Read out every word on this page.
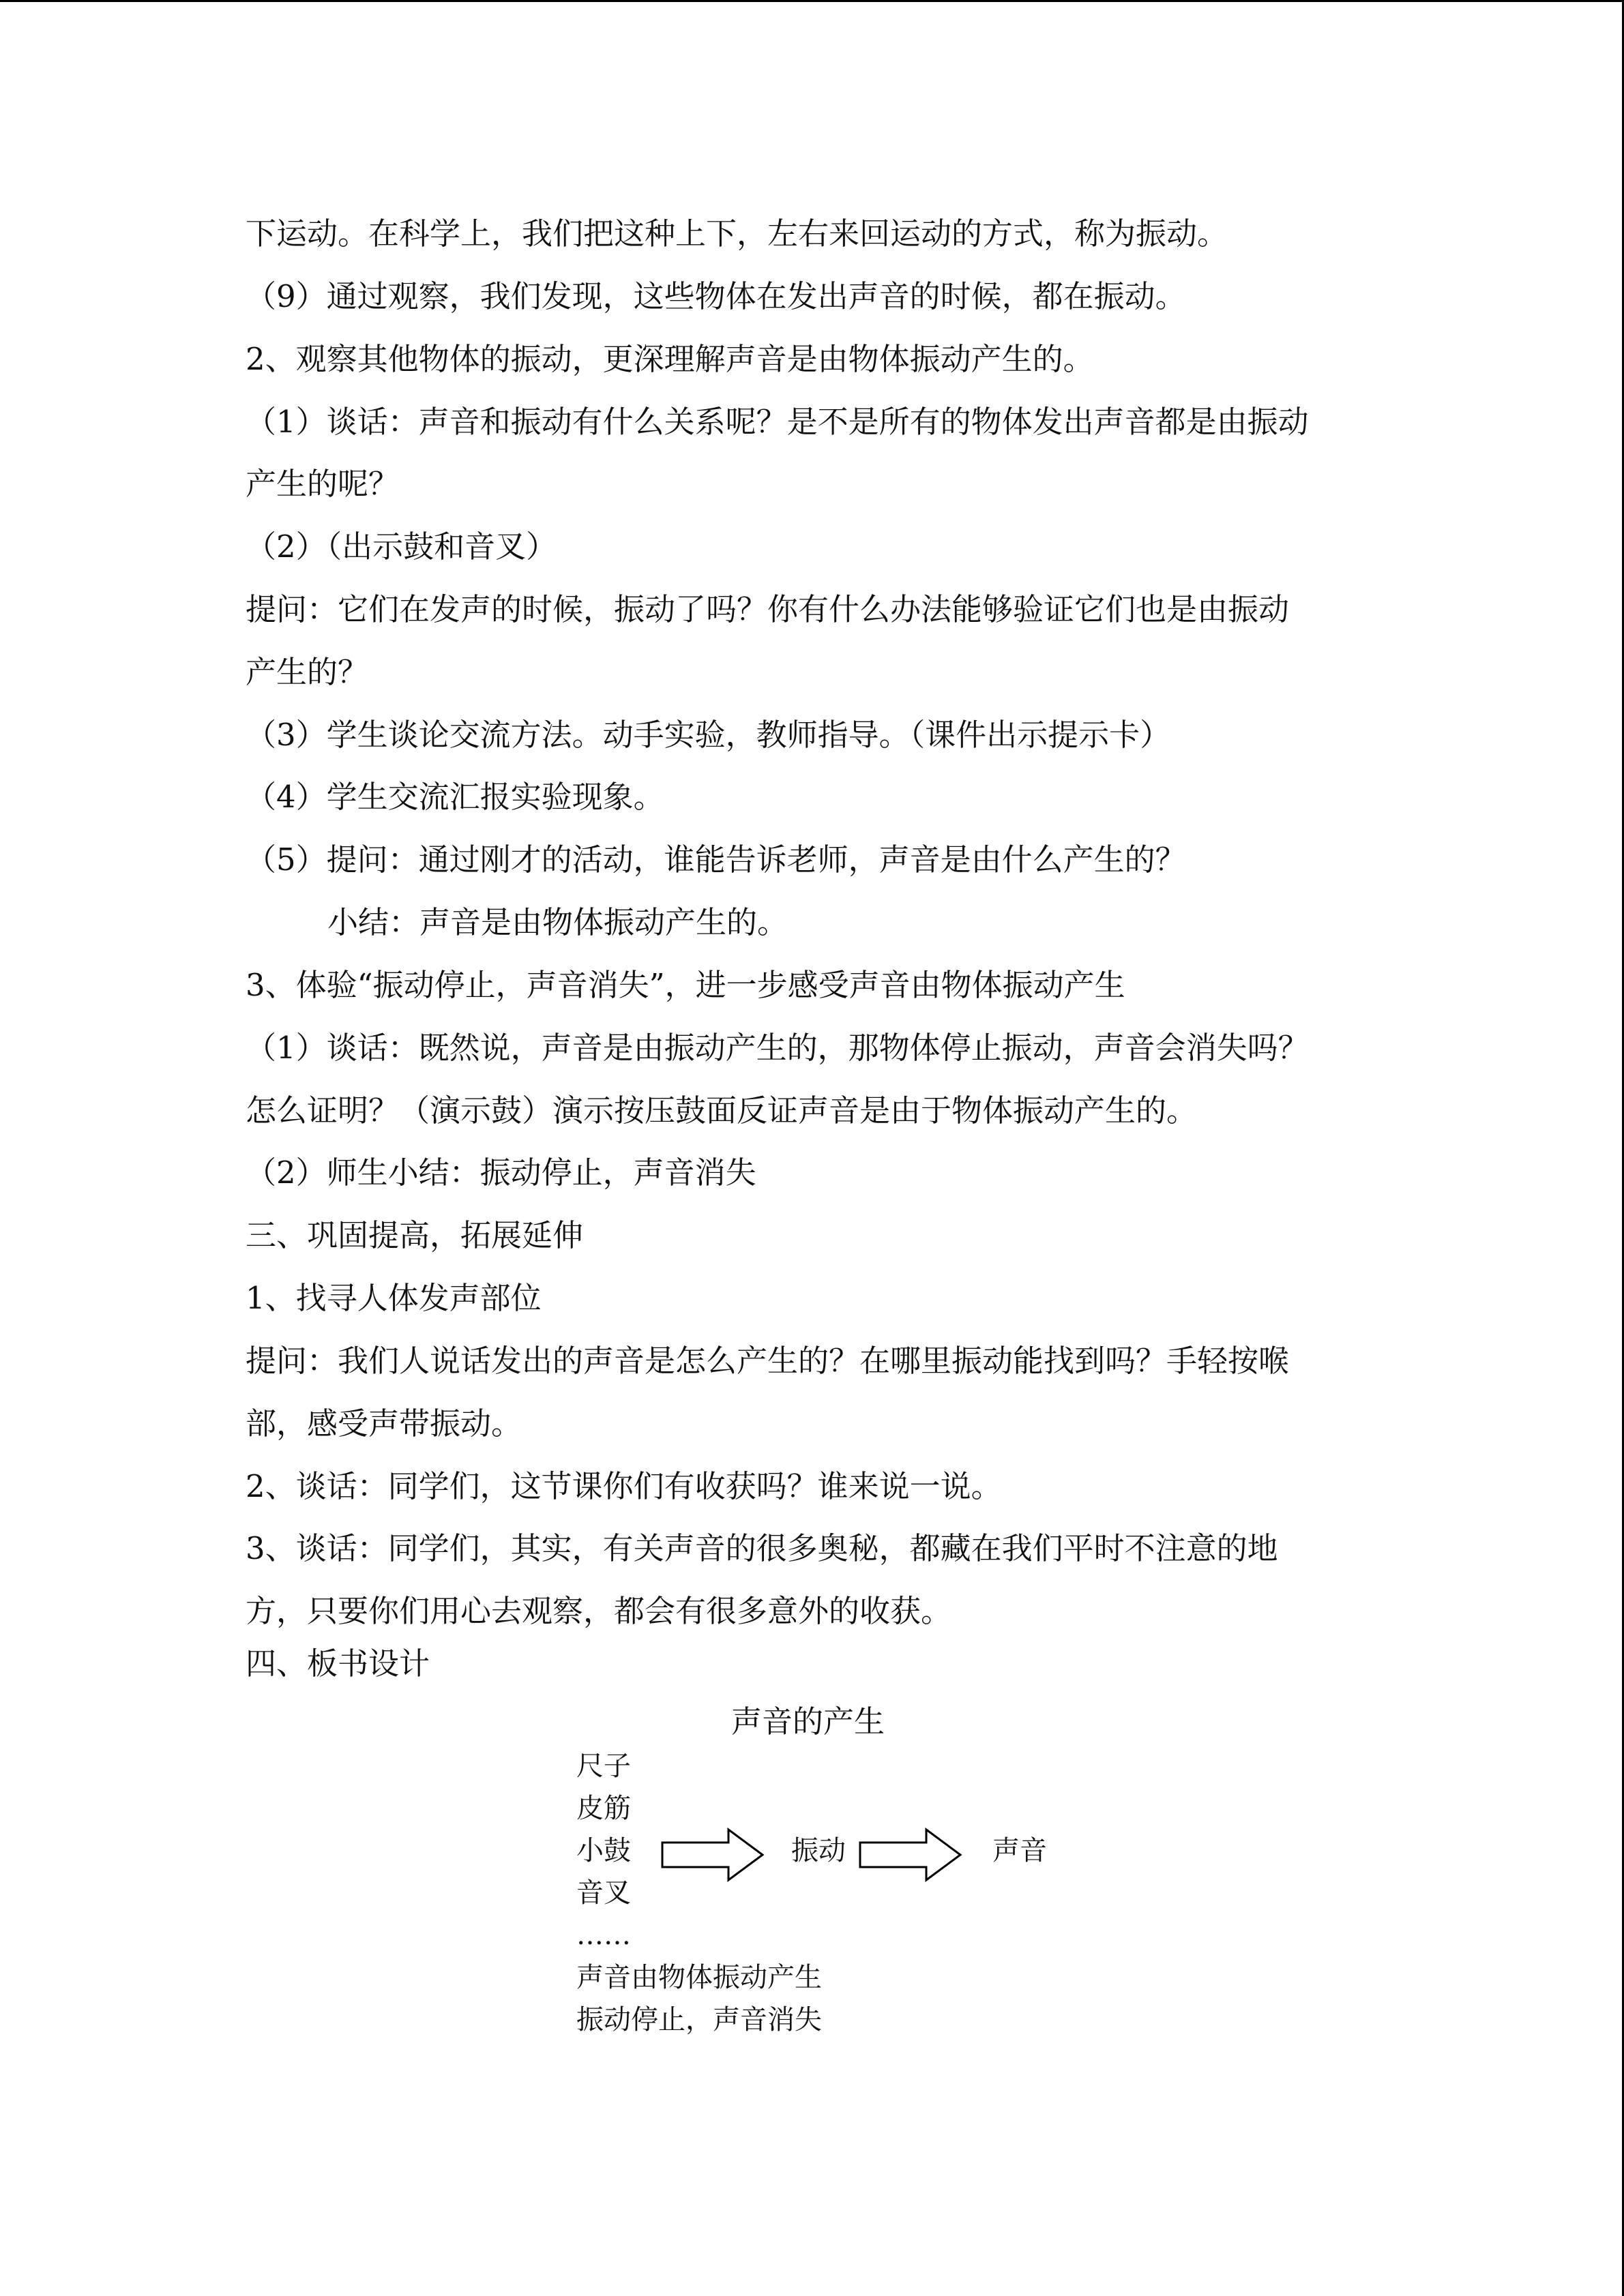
下运动。在科学上，我们把这种上下，左右来回运动的方式，称为振动。
（9）通过观察，我们发现，这些物体在发出声音的时候，都在振动。
2、观察其他物体的振动，更深理解声音是由物体振动产生的。
（1）谈话：声音和振动有什么关系呢？是不是所有的物体发出声音都是由振动
产生的呢？
（2）（出示鼓和音叉）
提问：它们在发声的时候，振动了吗？你有什么办法能够验证它们也是由振动
产生的？
（3）学生谈论交流方法。动手实验，教师指导。（课件出示提示卡）
（4）学生交流汇报实验现象。
（5）提问：通过刚才的活动，谁能告诉老师，声音是由什么产生的？
小结：声音是由物体振动产生的。
3、体验“振动停止，声音消失”，进一步感受声音由物体振动产生
（1）谈话：既然说，声音是由振动产生的，那物体停止振动，声音会消失吗？
怎么证明？（演示鼓）演示按压鼓面反证声音是由于物体振动产生的。
（2）师生小结：振动停止，声音消失
三、巩固提高，拓展延伸
1、找寻人体发声部位
提问：我们人说话发出的声音是怎么产生的？在哪里振动能找到吗？手轻按喉
部，感受声带振动。
2、谈话：同学们，这节课你们有收获吗？谁来说一说。
3、谈话：同学们，其实，有关声音的很多奥秘，都藏在我们平时不注意的地
方，只要你们用心去观察，都会有很多意外的收获。
四、板书设计
声音的产生
尺子
皮筋
小鼓
音叉
……
振动	声音
声音由物体振动产生
振动停止，声音消失
